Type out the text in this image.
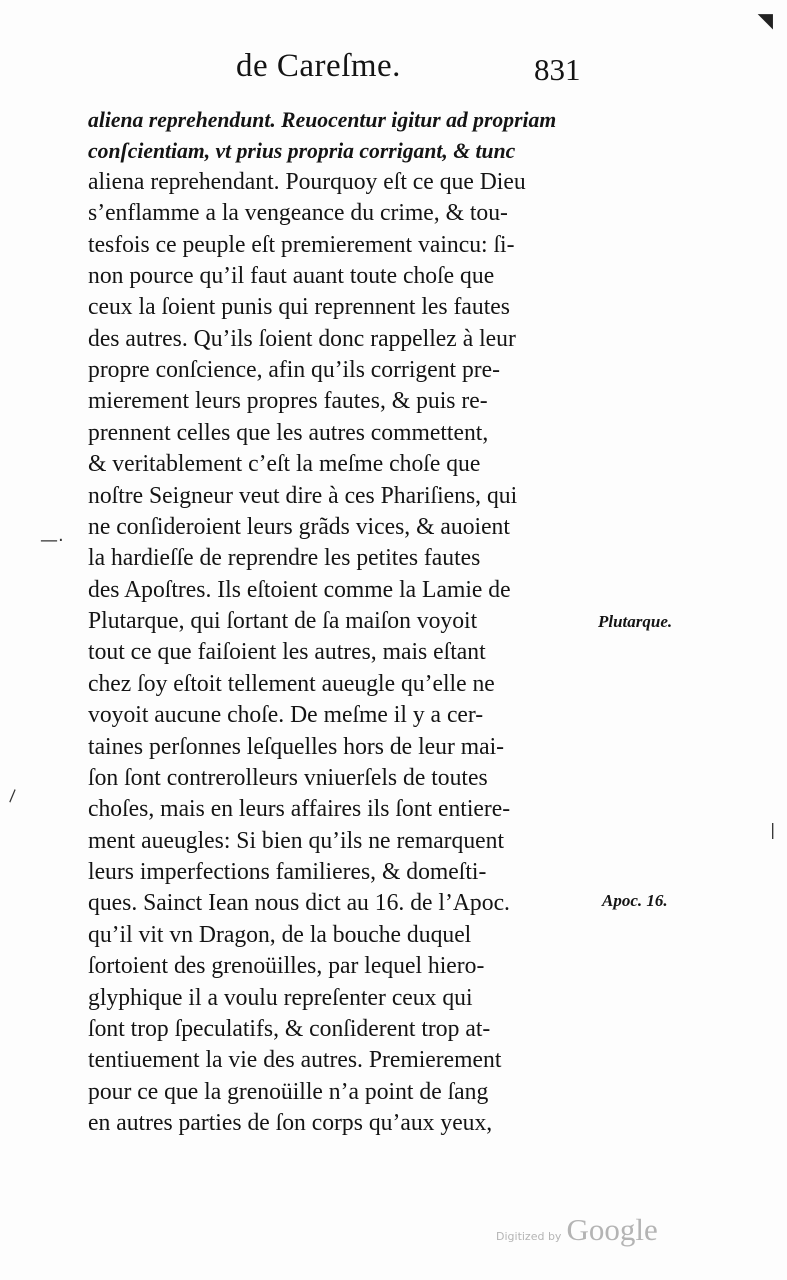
◥
de Careſme.	831
aliena reprehendunt. Reuocentur igitur ad propriam
conſcientiam, vt prius propria corrigant, & tunc
aliena reprehendant. Pourquoy eſt ce que Dieu
s’enflamme a la vengeance du crime, & tou-
tesfois ce peuple eſt premierement vaincu: ſi-
non pource qu’il faut auant toute choſe que
ceux la ſoient punis qui reprennent les fautes
des autres. Qu’ils ſoient donc rappellez à leur
propre conſcience, afin qu’ils corrigent pre-
mierement leurs propres fautes, & puis re-
prennent celles que les autres commettent,
& veritablement c’eſt la meſme choſe que
noſtre Seigneur veut dire à ces Phariſiens, qui
ne conſideroient leurs grãds vices, & auoient
la hardieſſe de reprendre les petites fautes
des Apoſtres. Ils eſtoient comme la Lamie de
Plutarque, qui ſortant de ſa maiſon voyoit
tout ce que faiſoient les autres, mais eſtant
chez ſoy eſtoit tellement aueugle qu’elle ne
voyoit aucune choſe. De meſme il y a cer-
taines perſonnes leſquelles hors de leur mai-
ſon ſont contrerolleurs vniuerſels de toutes
choſes, mais en leurs affaires ils ſont entiere-
ment aueugles: Si bien qu’ils ne remarquent
leurs imperfections familieres, & domeſti-
ques. Sainct Iean nous dict au 16. de l’Apoc.
qu’il vit vn Dragon, de la bouche duquel
ſortoient des grenoüilles, par lequel hiero-
glyphique il a voulu repreſenter ceux qui
ſont trop ſpeculatifs, & conſiderent trop at-
tentiuement la vie des autres. Premierement
pour ce que la grenoüille n’a point de ſang
en autres parties de ſon corps qu’aux yeux,
Plutarque.
Apoc. 16.
—·
\
|
Digitized by Google
